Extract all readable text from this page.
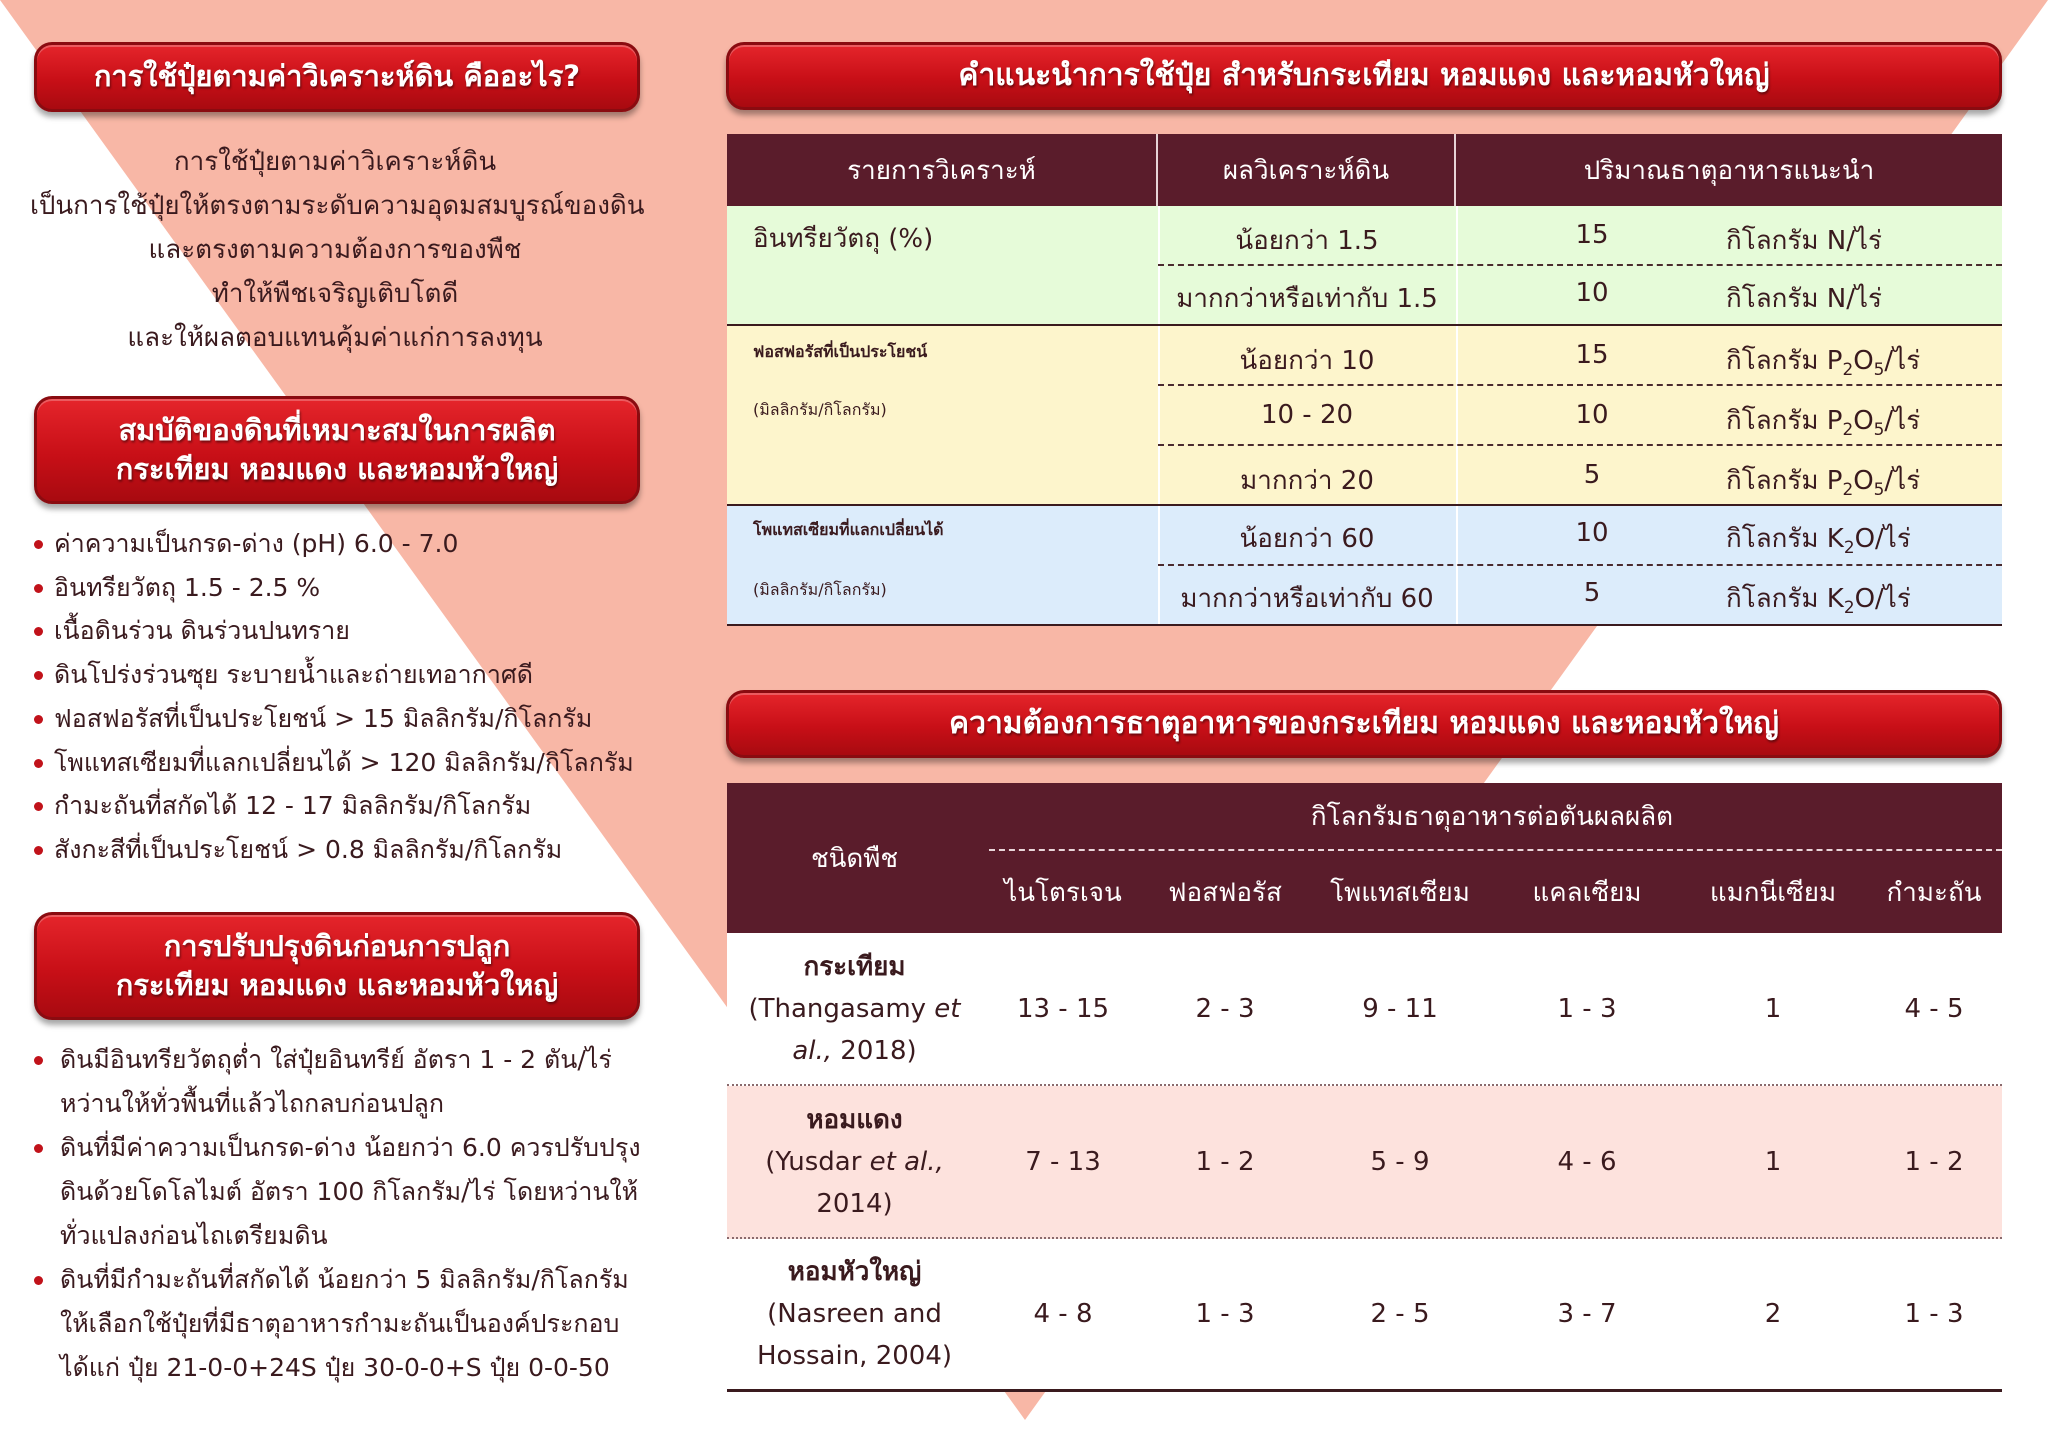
การใช้ปุ๋ยตามค่าวิเคราะห์ดิน คืออะไร?
การใช้ปุ๋ยตามค่าวิเคราะห์ดิน
เป็นการใช้ปุ๋ยให้ตรงตามระดับความอุดมสมบูรณ์ของดิน
และตรงตามความต้องการของพืช
ทำให้พืชเจริญเติบโตดี
และให้ผลตอบแทนคุ้มค่าแก่การลงทุน
สมบัติของดินที่เหมาะสมในการผลิต
กระเทียม หอมแดง และหอมหัวใหญ่
ค่าความเป็นกรด-ด่าง (pH) 6.0 - 7.0
อินทรียวัตถุ 1.5 - 2.5 %
เนื้อดินร่วน ดินร่วนปนทราย
ดินโปร่งร่วนซุย ระบายน้ำและถ่ายเทอากาศดี
ฟอสฟอรัสที่เป็นประโยชน์ > 15 มิลลิกรัม/กิโลกรัม
โพแทสเซียมที่แลกเปลี่ยนได้ > 120 มิลลิกรัม/กิโลกรัม
กำมะถันที่สกัดได้ 12 - 17 มิลลิกรัม/กิโลกรัม
สังกะสีที่เป็นประโยชน์ > 0.8 มิลลิกรัม/กิโลกรัม
การปรับปรุงดินก่อนการปลูก
กระเทียม หอมแดง และหอมหัวใหญ่
ดินมีอินทรียวัตถุต่ำ ใส่ปุ๋ยอินทรีย์ อัตรา 1 - 2 ตัน/ไร่
หว่านให้ทั่วพื้นที่แล้วไถกลบก่อนปลูก
ดินที่มีค่าความเป็นกรด-ด่าง น้อยกว่า 6.0 ควรปรับปรุง
ดินด้วยโดโลไมต์ อัตรา 100 กิโลกรัม/ไร่ โดยหว่านให้
ทั่วแปลงก่อนไถเตรียมดิน
ดินที่มีกำมะถันที่สกัดได้ น้อยกว่า 5 มิลลิกรัม/กิโลกรัม
ให้เลือกใช้ปุ๋ยที่มีธาตุอาหารกำมะถันเป็นองค์ประกอบ
ได้แก่ ปุ๋ย 21-0-0+24S ปุ๋ย 30-0-0+S ปุ๋ย 0-0-50
คำแนะนำการใช้ปุ๋ย สำหรับกระเทียม หอมแดง และหอมหัวใหญ่
รายการวิเคราะห์	ผลวิเคราะห์ดิน	ปริมาณธาตุอาหารแนะนำ
อินทรียวัตถุ (%)	น้อยกว่า 1.5	15	กิโลกรัม N/ไร่
มากกว่าหรือเท่ากับ 1.5	10	กิโลกรัม N/ไร่
ฟอสฟอรัสที่เป็นประโยชน์
(มิลลิกรัม/กิโลกรัม)
น้อยกว่า 10	15	กิโลกรัม $P_2O_5/$ไร่
10 - 20	10	กิโลกรัม $P_2O_5/$ไร่
มากกว่า 20	5	กิโลกรัม $P_2O_5/$ไร่
โพแทสเซียมที่แลกเปลี่ยนได้
(มิลลิกรัม/กิโลกรัม)
น้อยกว่า 60	10	กิโลกรัม $K_2O/$ไร่
มากกว่าหรือเท่ากับ 60	5	กิโลกรัม $K_2O/$ไร่
ความต้องการธาตุอาหารของกระเทียม หอมแดง และหอมหัวใหญ่
ชนิดพืช
กิโลกรัมธาตุอาหารต่อตันผลผลิต
ไนโตรเจน	ฟอสฟอรัส	โพแทสเซียม	แคลเซียม	แมกนีเซียม	กำมะถัน
กระเทียม
(Thangasamy et
al., 2018)
13 - 15	2 - 3	9 - 11	1 - 3	1	4 - 5
หอมแดง
(Yusdar et al.,
2014)
7 - 13	1 - 2	5 - 9	4 - 6	1	1 - 2
หอมหัวใหญ่
(Nasreen and
Hossain, 2004)
4 - 8	1 - 3	2 - 5	3 - 7	2	1 - 3
